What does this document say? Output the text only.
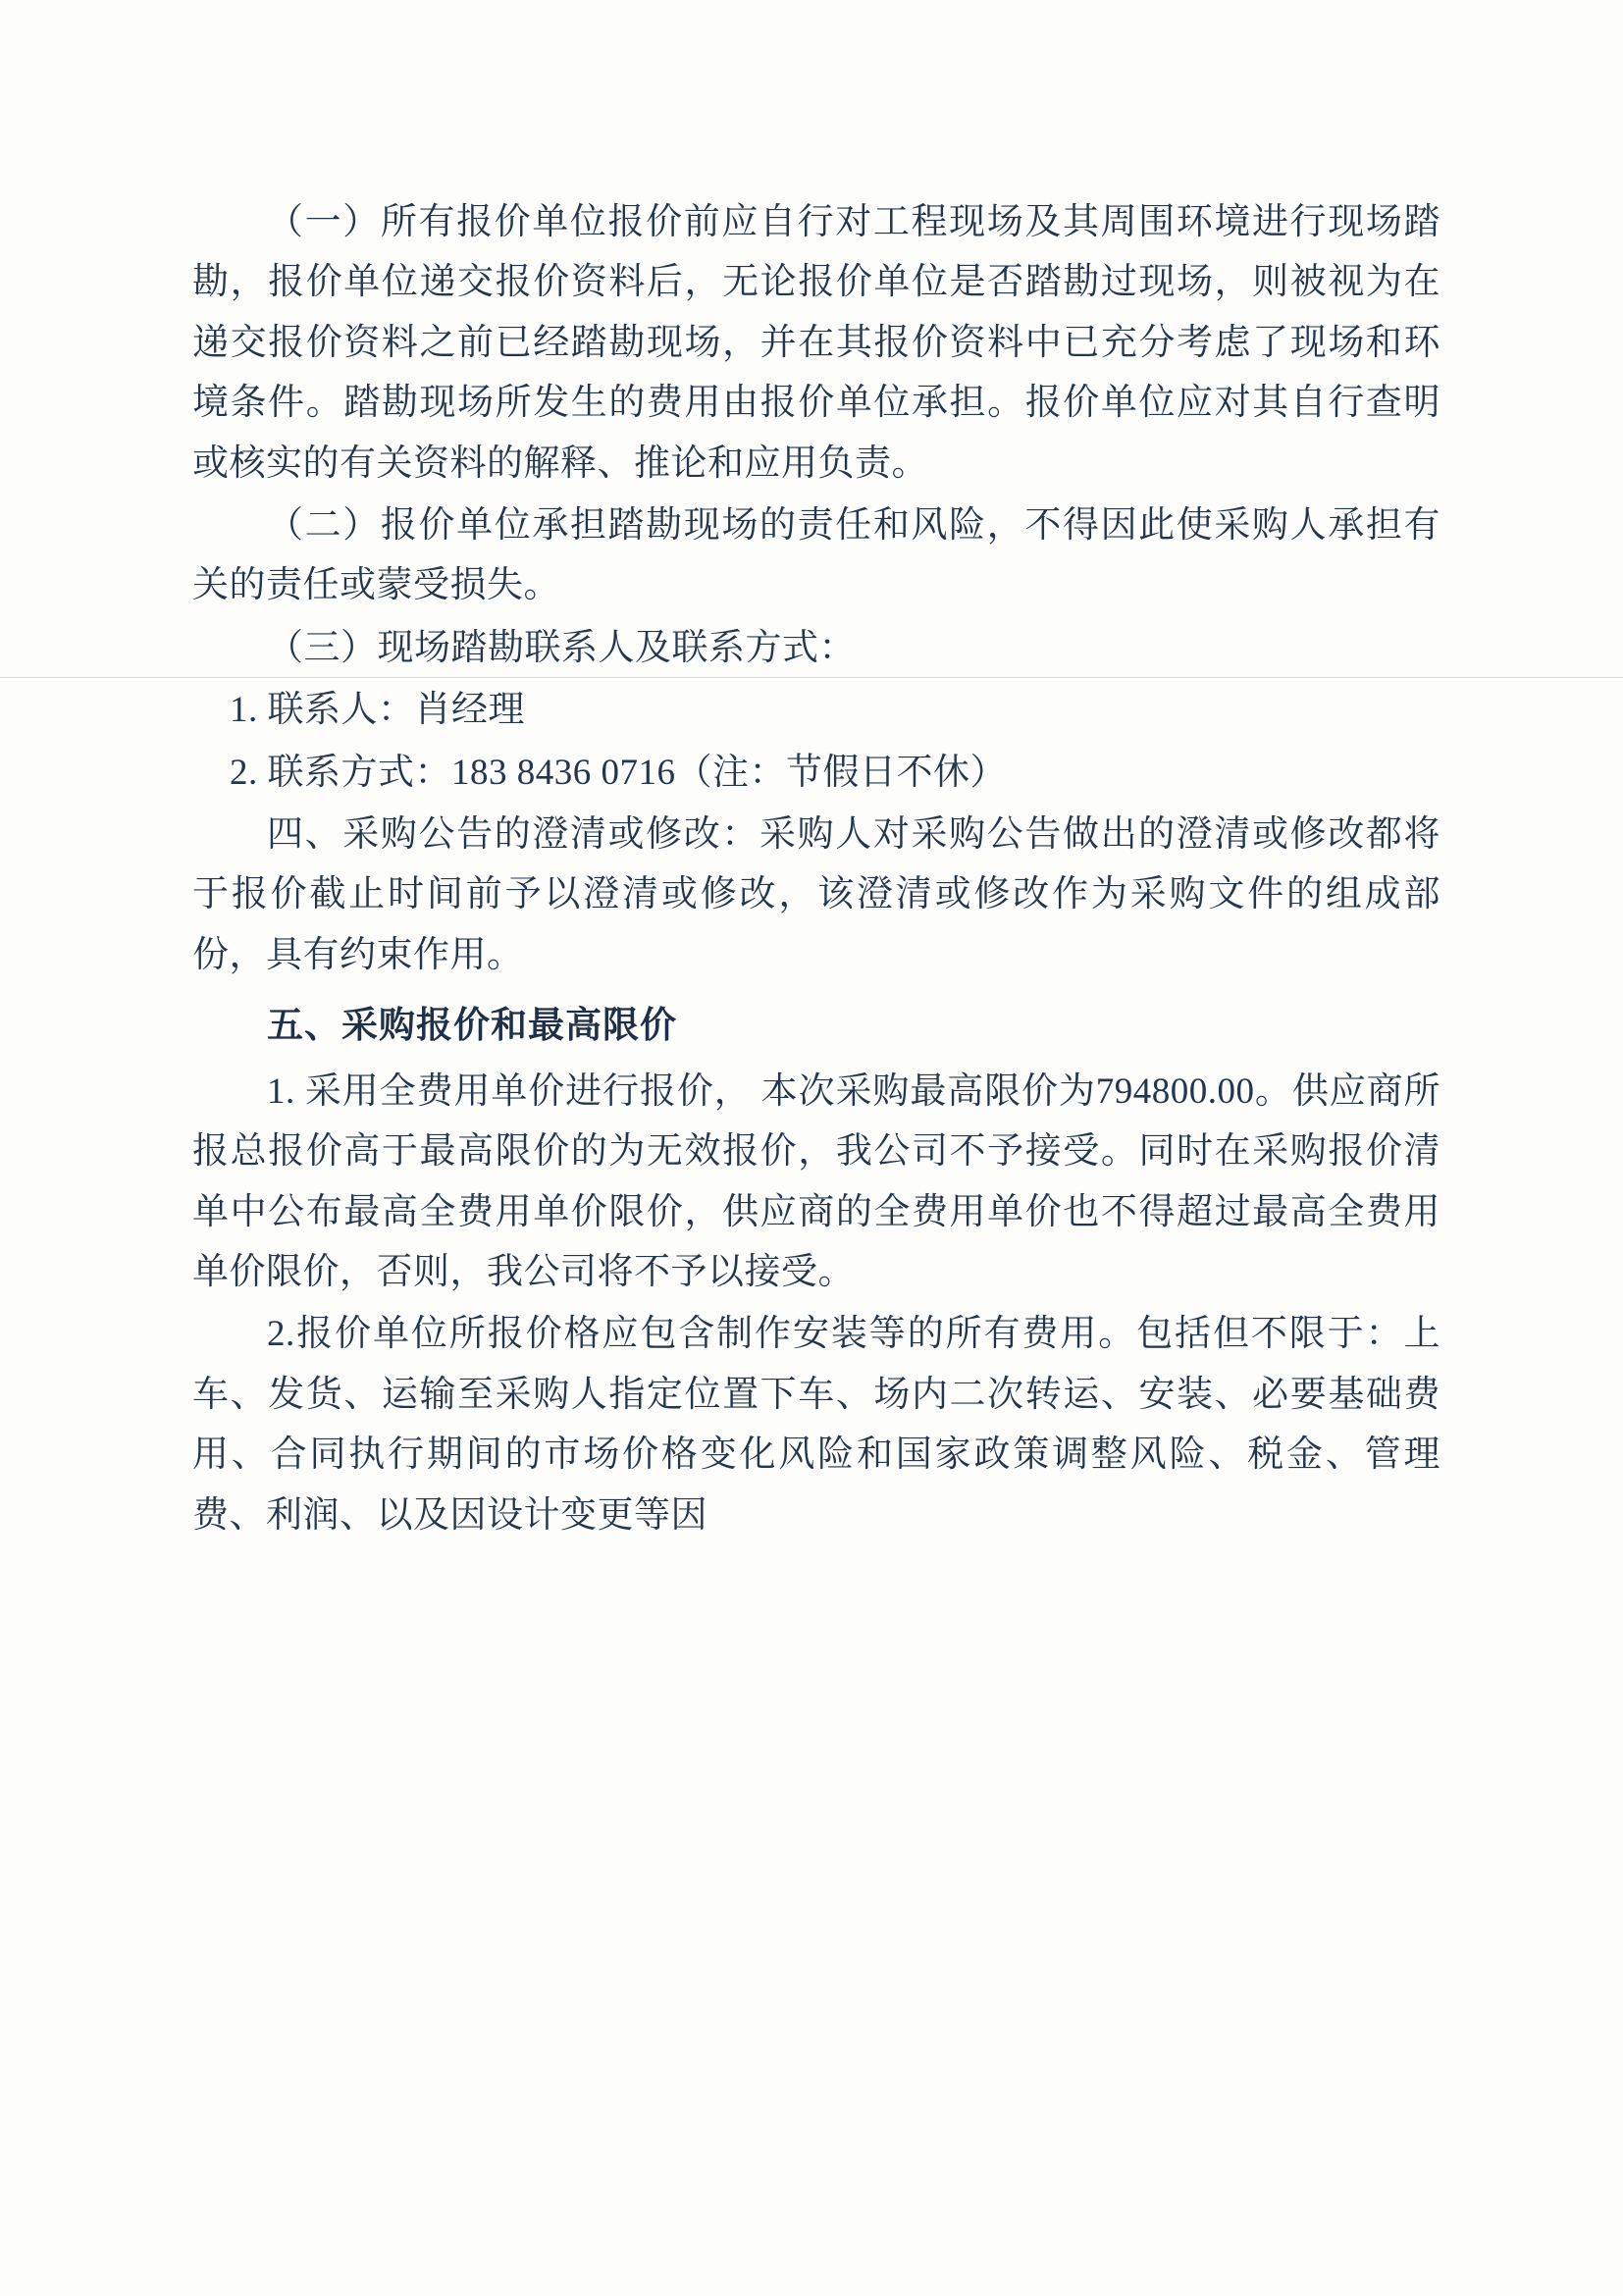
（一）所有报价单位报价前应自行对工程现场及其周围环境进行现场踏勘，报价单位递交报价资料后，无论报价单位是否踏勘过现场，则被视为在递交报价资料之前已经踏勘现场，并在其报价资料中已充分考虑了现场和环境条件。踏勘现场所发生的费用由报价单位承担。报价单位应对其自行查明或核实的有关资料的解释、推论和应用负责。

（二）报价单位承担踏勘现场的责任和风险，不得因此使采购人承担有关的责任或蒙受损失。

（三）现场踏勘联系人及联系方式：

1. 联系人：肖经理

2. 联系方式：183 8436 0716（注：节假日不休）

四、采购公告的澄清或修改：采购人对采购公告做出的澄清或修改都将于报价截止时间前予以澄清或修改，该澄清或修改作为采购文件的组成部份，具有约束作用。

五、采购报价和最高限价

1. 采用全费用单价进行报价， 本次采购最高限价为794800.00。供应商所报总报价高于最高限价的为无效报价，我公司不予接受。同时在采购报价清单中公布最高全费用单价限价，供应商的全费用单价也不得超过最高全费用单价限价，否则，我公司将不予以接受。

2.报价单位所报价格应包含制作安装等的所有费用。包括但不限于：上车、发货、运输至采购人指定位置下车、场内二次转运、安装、必要基础费用、合同执行期间的市场价格变化风险和国家政策调整风险、税金、管理费、利润、以及因设计变更等因
